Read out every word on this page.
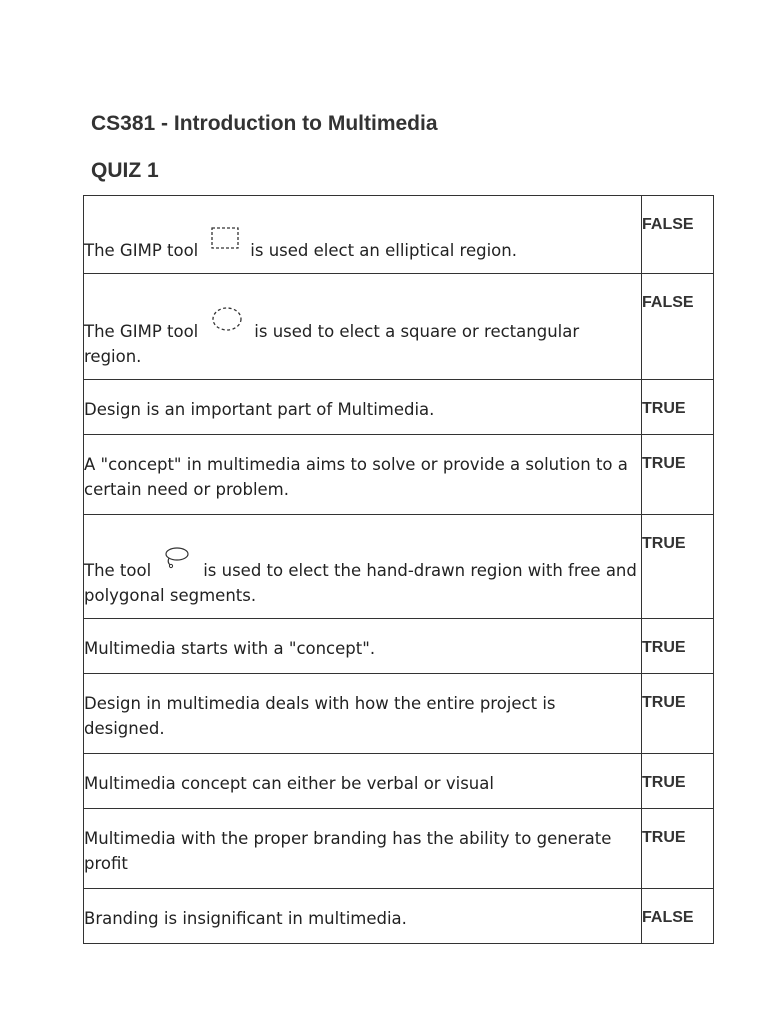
CS381 - Introduction to Multimedia
QUIZ 1
The GIMP tool is used elect an elliptical region.	FALSE

The GIMP tool is used to elect a square or rectangular region.	FALSE

Design is an important part of Multimedia.	TRUE

A "concept" in multimedia aims to solve or provide a solution to a certain need or problem.	TRUE

The tool is used to elect the hand-drawn region with free and polygonal segments.	TRUE

Multimedia starts with a "concept".	TRUE

Design in multimedia deals with how the entire project is designed.	TRUE

Multimedia concept can either be verbal or visual	TRUE

Multimedia with the proper branding has the ability to generate profit	TRUE

Branding is insignificant in multimedia.	FALSE
